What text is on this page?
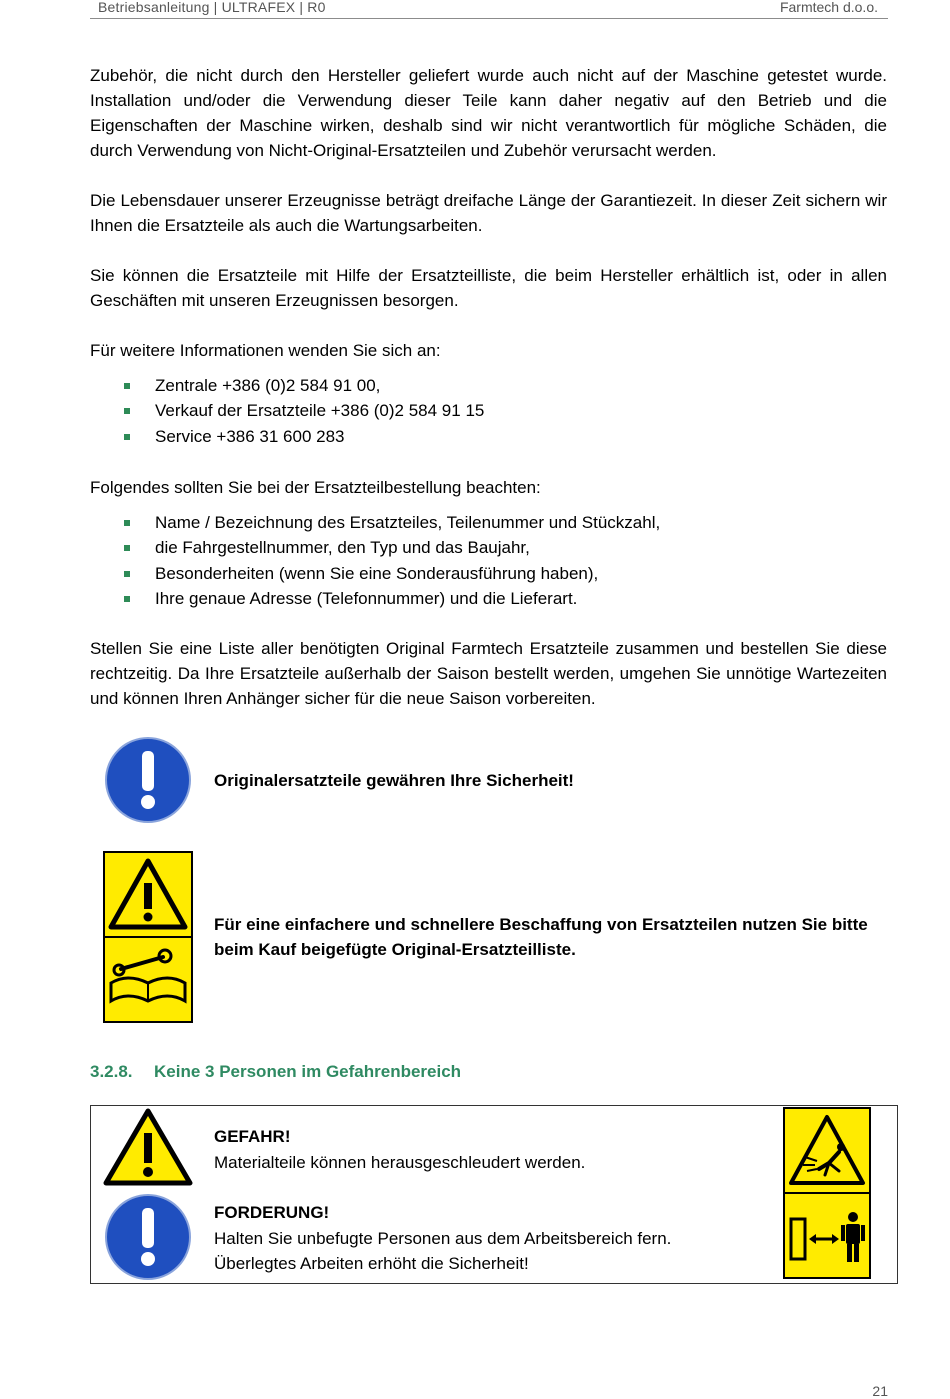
Betriebsanleitung | ULTRAFEX | R0	Farmtech d.o.o.

Zubehör, die nicht durch den Hersteller geliefert wurde auch nicht auf der Maschine getestet wurde. Installation und/oder die Verwendung dieser Teile kann daher negativ auf den Betrieb und die Eigenschaften der Maschine wirken, deshalb sind wir nicht verantwortlich für mögliche Schäden, die durch Verwendung von Nicht-Original-Ersatzteilen und Zubehör verursacht werden.

Die Lebensdauer unserer Erzeugnisse beträgt dreifache Länge der Garantiezeit. In dieser Zeit sichern wir Ihnen die Ersatzteile als auch die Wartungsarbeiten.

Sie können die Ersatzteile mit Hilfe der Ersatzteilliste, die beim Hersteller erhältlich ist, oder in allen Geschäften mit unseren Erzeugnissen besorgen.

Für weitere Informationen wenden Sie sich an:

Zentrale +386 (0)2 584 91 00,
Verkauf der Ersatzteile +386 (0)2 584 91 15
Service +386 31 600 283

Folgendes sollten Sie bei der Ersatzteilbestellung beachten:

Name / Bezeichnung des Ersatzteiles, Teilenummer und Stückzahl,
die Fahrgestellnummer, den Typ und das Baujahr,
Besonderheiten (wenn Sie eine Sonderausführung haben),
Ihre genaue Adresse (Telefonnummer) und die Lieferart.

Stellen Sie eine Liste aller benötigten Original Farmtech Ersatzteile zusammen und bestellen Sie diese rechtzeitig. Da Ihre Ersatzteile außerhalb der Saison bestellt werden, umgehen Sie unnötige Wartezeiten und können Ihren Anhänger sicher für die neue Saison vorbereiten.

Originalersatzteile gewähren Ihre Sicherheit!
Für eine einfachere und schnellere Beschaffung von Ersatzteilen nutzen Sie bitte beim Kauf beigefügte Original-Ersatzteilliste.
3.2.8. Keine 3 Personen im Gefahrenbereich
GEFAHR!
Materialteile können herausgeschleudert werden.
FORDERUNG!
Halten Sie unbefugte Personen aus dem Arbeitsbereich fern.
Überlegtes Arbeiten erhöht die Sicherheit!
21
